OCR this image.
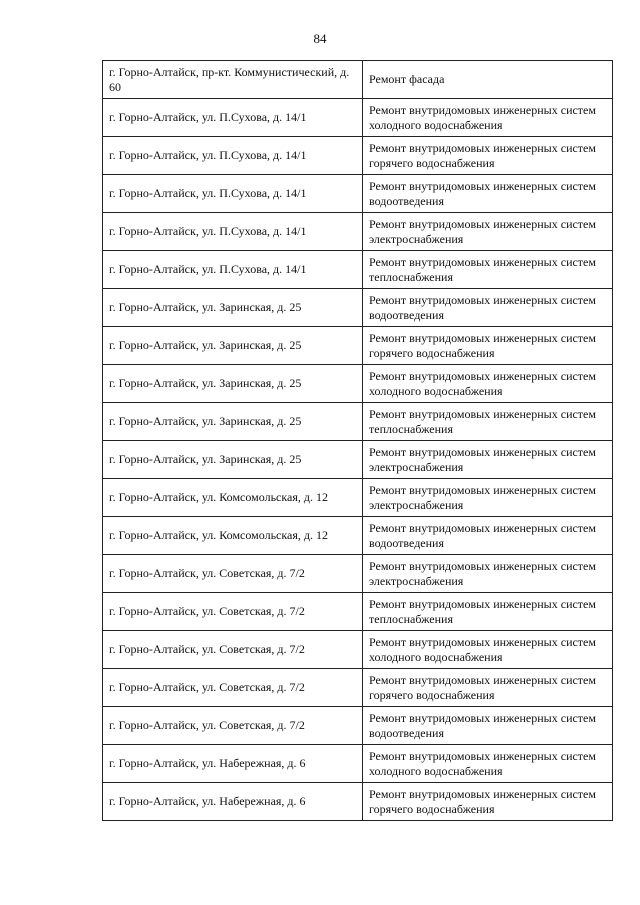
84
г. Горно-Алтайск, пр-кт. Коммунистический, д. 60	Ремонт фасада
г. Горно-Алтайск, ул. П.Сухова, д. 14/1	Ремонт внутридомовых инженерных систем холодного водоснабжения
г. Горно-Алтайск, ул. П.Сухова, д. 14/1	Ремонт внутридомовых инженерных систем горячего водоснабжения
г. Горно-Алтайск, ул. П.Сухова, д. 14/1	Ремонт внутридомовых инженерных систем водоотведения
г. Горно-Алтайск, ул. П.Сухова, д. 14/1	Ремонт внутридомовых инженерных систем электроснабжения
г. Горно-Алтайск, ул. П.Сухова, д. 14/1	Ремонт внутридомовых инженерных систем теплоснабжения
г. Горно-Алтайск, ул. Заринская, д. 25	Ремонт внутридомовых инженерных систем водоотведения
г. Горно-Алтайск, ул. Заринская, д. 25	Ремонт внутридомовых инженерных систем горячего водоснабжения
г. Горно-Алтайск, ул. Заринская, д. 25	Ремонт внутридомовых инженерных систем холодного водоснабжения
г. Горно-Алтайск, ул. Заринская, д. 25	Ремонт внутридомовых инженерных систем теплоснабжения
г. Горно-Алтайск, ул. Заринская, д. 25	Ремонт внутридомовых инженерных систем электроснабжения
г. Горно-Алтайск, ул. Комсомольская, д. 12	Ремонт внутридомовых инженерных систем электроснабжения
г. Горно-Алтайск, ул. Комсомольская, д. 12	Ремонт внутридомовых инженерных систем водоотведения
г. Горно-Алтайск, ул. Советская, д. 7/2	Ремонт внутридомовых инженерных систем электроснабжения
г. Горно-Алтайск, ул. Советская, д. 7/2	Ремонт внутридомовых инженерных систем теплоснабжения
г. Горно-Алтайск, ул. Советская, д. 7/2	Ремонт внутридомовых инженерных систем холодного водоснабжения
г. Горно-Алтайск, ул. Советская, д. 7/2	Ремонт внутридомовых инженерных систем горячего водоснабжения
г. Горно-Алтайск, ул. Советская, д. 7/2	Ремонт внутридомовых инженерных систем водоотведения
г. Горно-Алтайск, ул. Набережная, д. 6	Ремонт внутридомовых инженерных систем холодного водоснабжения
г. Горно-Алтайск, ул. Набережная, д. 6	Ремонт внутридомовых инженерных систем горячего водоснабжения
